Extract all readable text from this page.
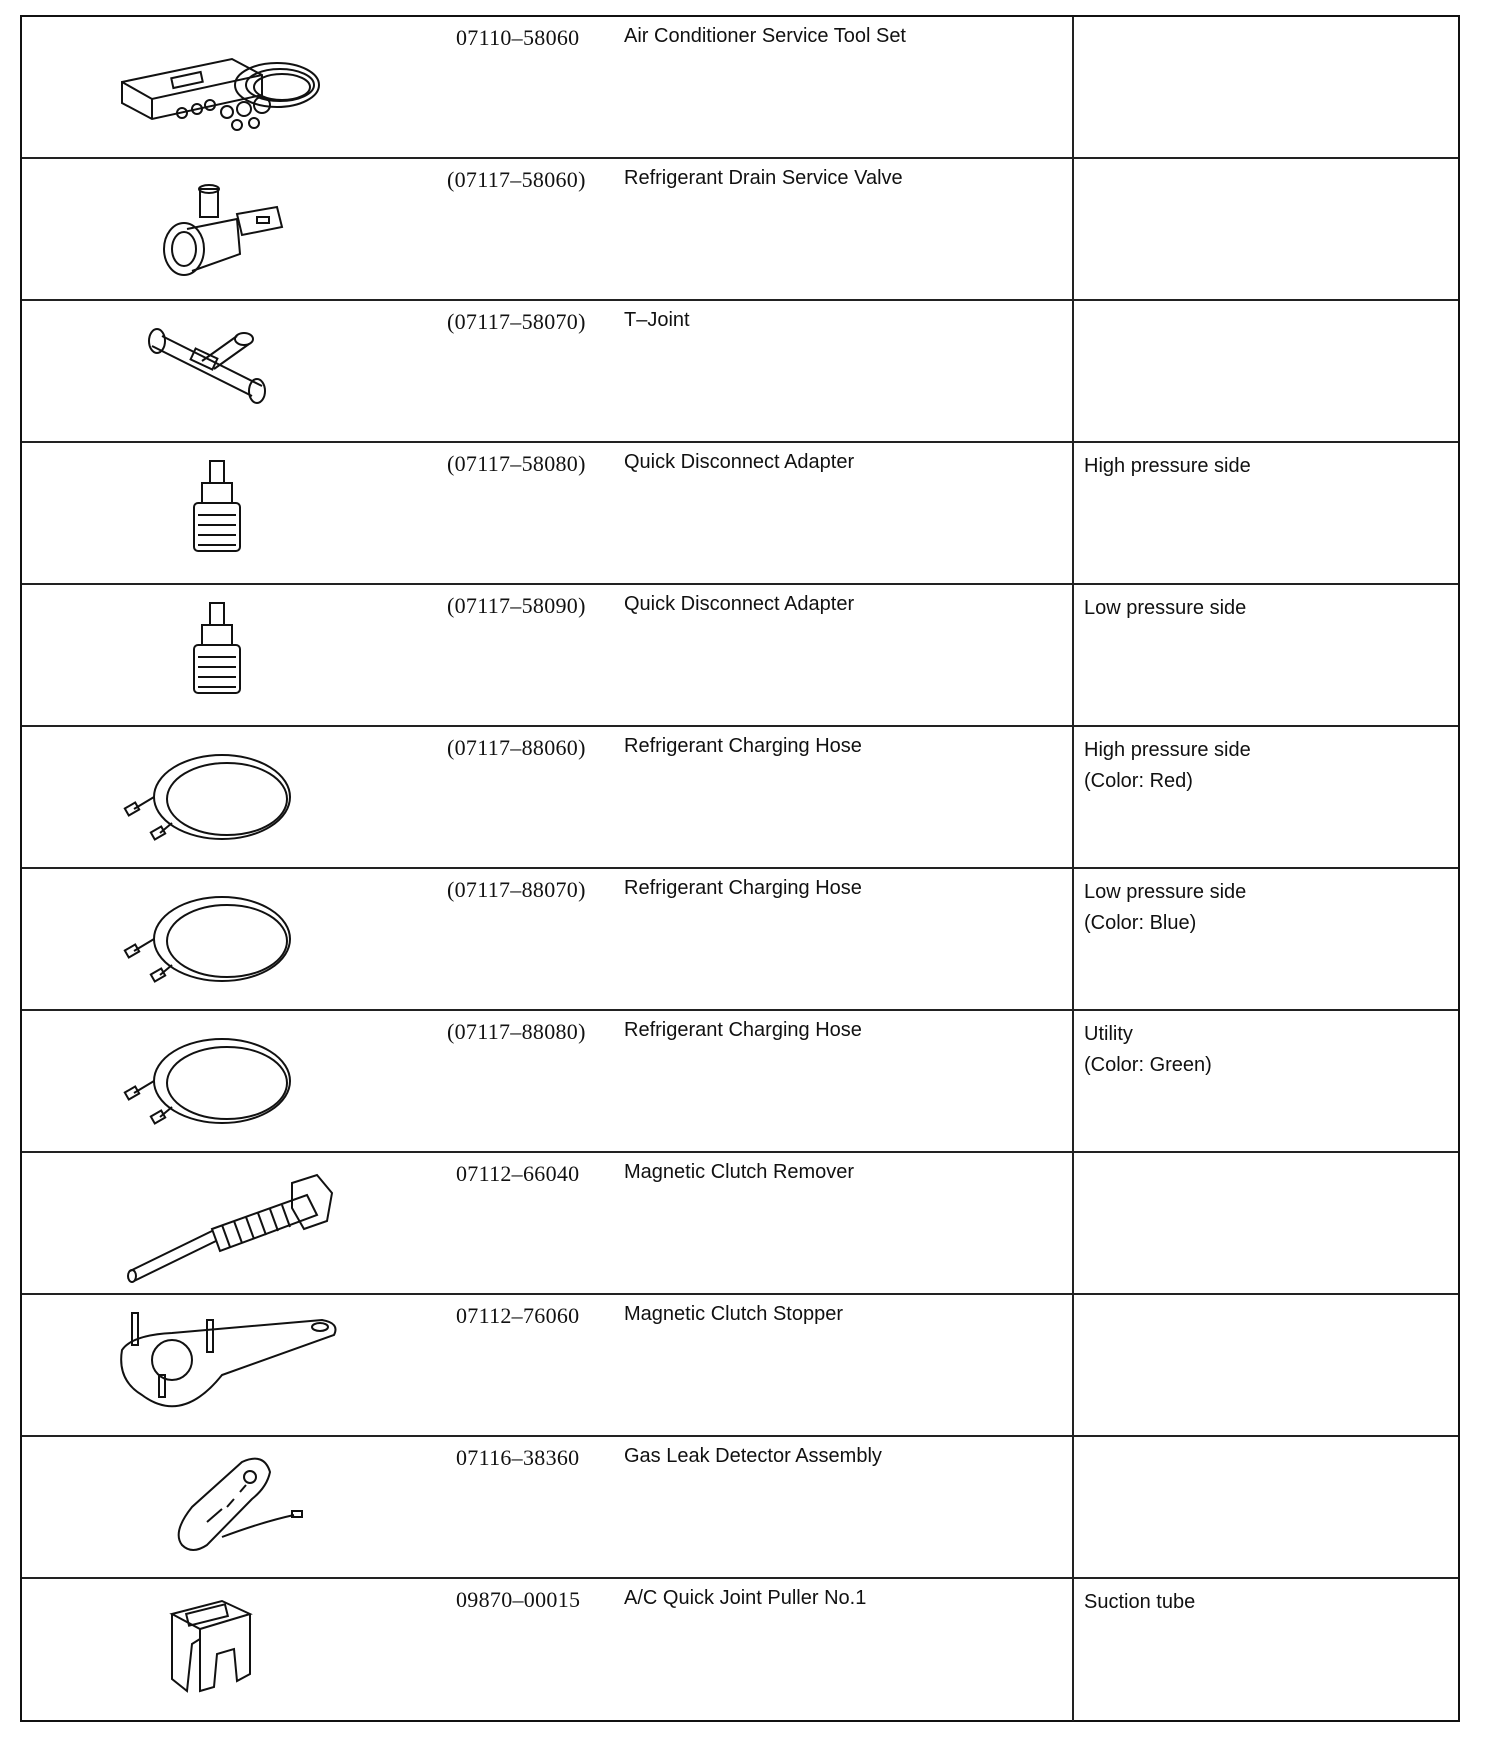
07110–58060	Air Conditioner Service Tool Set
(07117–58060)	Refrigerant Drain Service Valve
(07117–58070)	T–Joint
(07117–58080)	Quick Disconnect Adapter	High pressure side
(07117–58090)	Quick Disconnect Adapter	Low pressure side
(07117–88060)	Refrigerant Charging Hose	High pressure side
(Color: Red)
(07117–88070)	Refrigerant Charging Hose	Low pressure side
(Color: Blue)
(07117–88080)	Refrigerant Charging Hose	Utility
(Color: Green)
07112–66040	Magnetic Clutch Remover
07112–76060	Magnetic Clutch Stopper
07116–38360	Gas Leak Detector Assembly
09870–00015	A/C Quick Joint Puller No.1	Suction tube
